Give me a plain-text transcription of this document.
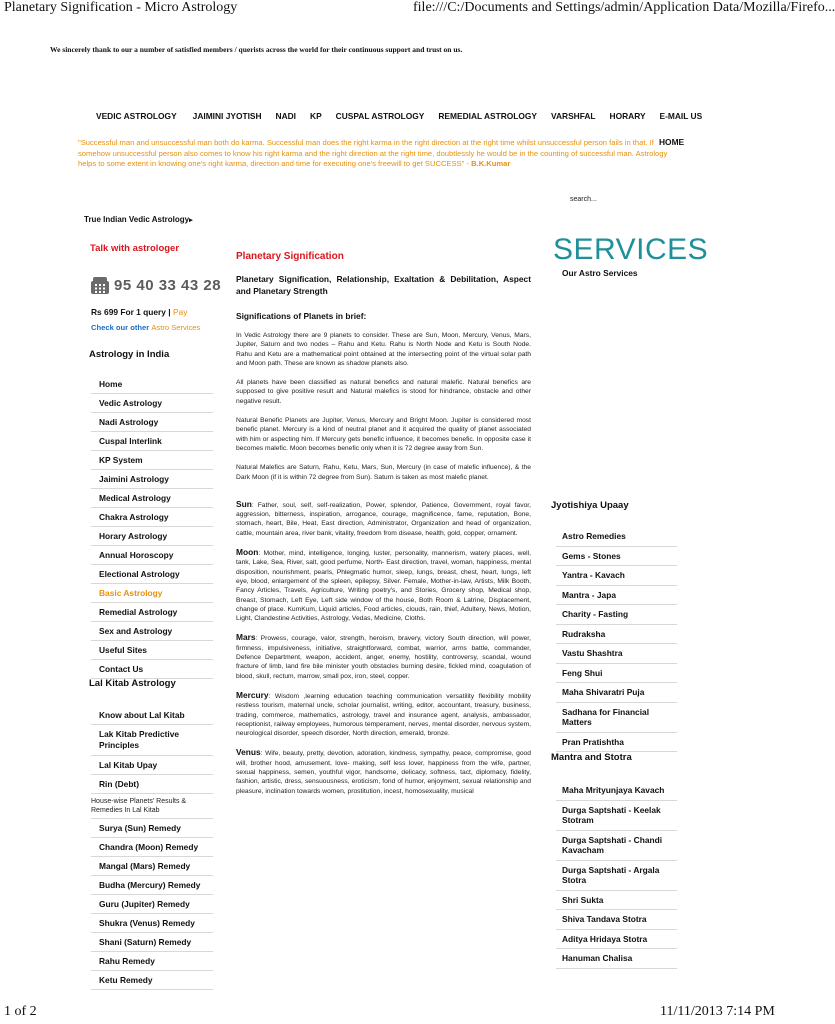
Planetary Signification - Micro Astrology	file:///C:/Documents and Settings/admin/Application Data/Mozilla/Firefo...
1 of 2	11/11/2013 7:14 PM
We sincerely thank to our a number of satisfied members / querists across the world for their continuous support and trust on us.
VEDIC ASTROLOGY JAIMINI JYOTISH NADI KP CUSPAL ASTROLOGY REMEDIAL ASTROLOGY VARSHFAL HORARY E-MAIL US
"Successful man and unsuccessful man both do karma. Successful man does the right karma in the right direction at the right time whilst unsuccessful person fails in that. If somehow unsuccessful person also comes to know his right karma and the right direction at the right time, doubtlessly he would be in the counting of successful man. Astrology helps to some extent in knowing one's right karma, direction and time for executing one's freewill to get SUCCESS" - B.K.Kumar
HOME
search...
True Indian Vedic Astrology▸
Talk with astrologer
95 40 33 43 28
Rs 699 For 1 query | Pay
Check our other Astro Services
Astrology in India
Home
Vedic Astrology
Nadi Astrology
Cuspal Interlink
KP System
Jaimini Astrology
Medical Astrology
Chakra Astrology
Horary Astrology
Annual Horoscopy
Electional Astrology
Basic Astrology
Remedial Astrology
Sex and Astrology
Useful Sites
Contact Us
Lal Kitab Astrology
Know about Lal Kitab
Lak Kitab Predictive Principles
Lal Kitab Upay
Rin (Debt)
House-wise Planets' Results & Remedies In Lal Kitab
Surya (Sun) Remedy
Chandra (Moon) Remedy
Mangal (Mars) Remedy
Budha (Mercury) Remedy
Guru (Jupiter) Remedy
Shukra (Venus) Remedy
Shani (Saturn) Remedy
Rahu Remedy
Ketu Remedy
Planetary Signification
Planetary Signification, Relationship, Exaltation & Debilitation, Aspect and Planetary Strength
Significations of Planets in brief:
In Vedic Astrology there are 9 planets to consider. These are Sun, Moon, Mercury, Venus, Mars, Jupiter, Saturn and two nodes – Rahu and Ketu. Rahu is North Node and Ketu is South Node. Rahu and Ketu are a mathematical point obtained at the intersecting point of the virtual solar path and Moon path. These are known as shadow planets also.
All planets have been classified as natural benefics and natural malefic. Natural benefics are supposed to give positive result and Natural malefics is stood for hindrance, obstacle and other negative result.
Natural Benefic Planets are Jupiter, Venus, Mercury and Bright Moon. Jupiter is considered most benefic planet. Mercury is a kind of neutral planet and it acquired the quality of planet associated with him or aspecting him. If Mercury gets benefic influence, it becomes benefic. In opposite case it becomes malefic. Moon becomes benefic only when it is 72 degree away from Sun.
Natural Malefics are Saturn, Rahu, Ketu, Mars, Sun, Mercury (in case of malefic influence), & the Dark Moon (if it is within 72 degree from Sun). Saturn is taken as most malefic planet.
Sun: Father, soul, self, self-realization, Power, splendor, Patience, Government, royal favor, aggression, bitterness, inspiration, arrogance, courage, magnificence, fame, reputation, Bone, stomach, heart, Bile, Heat, East direction, Administrator, Organization and head of organization, cattle, mountain area, river bank, vitality, freedom from disease, health, gold, copper, ornament.
Moon: Mother, mind, intelligence, longing, luster, personality, mannerism, watery places, well, tank, Lake, Sea, River, salt, good perfume, North- East direction, travel, woman, happiness, mental disposition, nourishment, pearls, Phlegmatic humor, sleep, lungs, breast, chest, heart, lungs, left eye, blood, enlargement of the spleen, epilepsy, Silver. Female, Mother-in-law, Artists, Milk Booth, Fancy Articles, Travels, Agriculture, Writing poetry's, and Stories, Grocery shop, Medical shop, Breast, Stomach, Left Eye, Left side window of the house, Both Room & Latrine, Displacement, change of place. KumKum, Liquid articles, Food articles, clouds, rain, thief, Adultery, News, Motion, Light, Clandestine Activities, Astrology, Vedas, Medicine, Cloths.
Mars: Prowess, courage, valor, strength, heroism, bravery, victory South direction, will power, firmness, impulsiveness, initiative, straightforward, combat, warrior, arms battle, commander, Defence Department, weapon, accident, anger, enemy, hostility, controversy, scandal, wound fracture of limb, land fire bile minister youth obstacles burning desire, fickled mind, coagulation of blood, skull, rectum, marrow, small pox, iron, steel, copper.
Mercury: Wisdom ,learning education teaching communication versatility flexibility mobility restless tourism, maternal uncle, scholar journalist, writing, editor, accountant, treasury, business, trading, commerce, mathematics, astrology, travel and insurance agent, analysis, ambassador, receptionist, railway employees, humorous temperament, nerves, mental disorder, nervous system, neurological disorder, speech disorder, North direction, emerald, bronze.
Venus: Wife, beauty, pretty, devotion, adoration, kindness, sympathy, peace, compromise, good will, brother hood, amusement, love- making, self less lover, happiness from the wife, partner, sexual happiness, semen, youthful vigor, handsome, delicacy, softness, tact, diplomacy, fidelity, fashion, artistic, dress, sensuousness, eroticism, fond of humor, enjoyment, sexual relationship and pleasure, inclination towards women, prostitution, incest, homosexuality, musical
SERVICES
Our Astro Services
Jyotishiya Upaay
Astro Remedies
Gems - Stones
Yantra - Kavach
Mantra - Japa
Charity - Fasting
Rudraksha
Vastu Shashtra
Feng Shui
Maha Shivaratri Puja
Sadhana for Financial Matters
Pran Pratishtha
Mantra and Stotra
Maha Mrityunjaya Kavach
Durga Saptshati - Keelak Stotram
Durga Saptshati - Chandi Kavacham
Durga Saptshati - Argala Stotra
Shri Sukta
Shiva Tandava Stotra
Aditya Hridaya Stotra
Hanuman Chalisa
